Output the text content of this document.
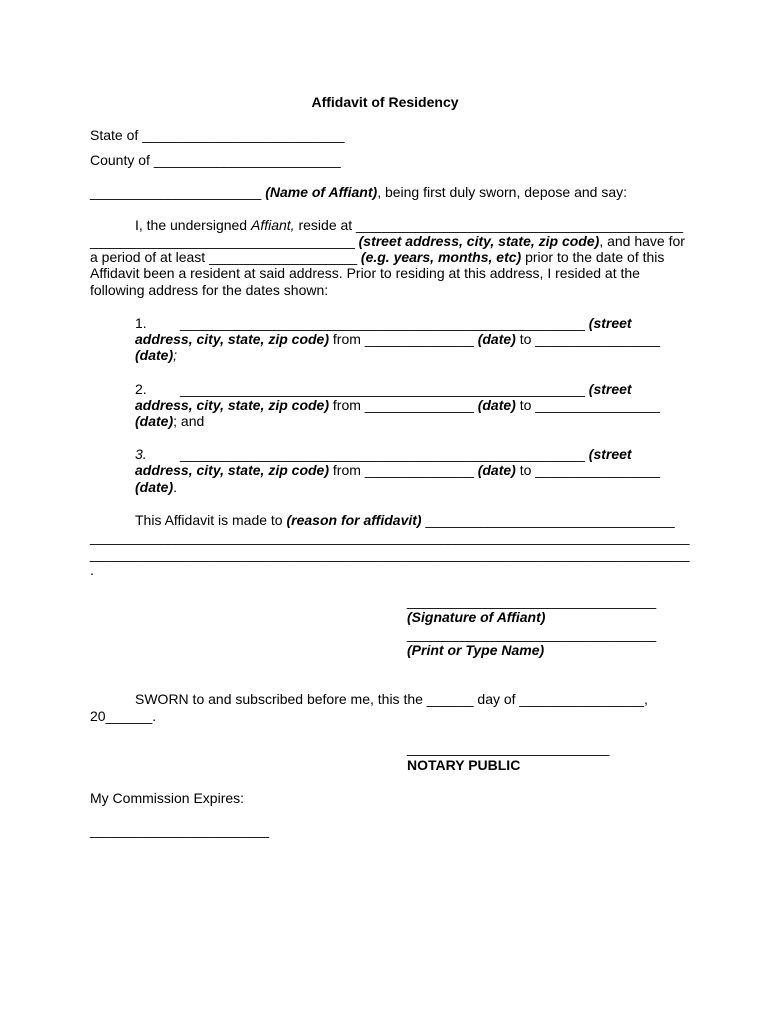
Affidavit of Residency
State of __________________________
County of ________________________
______________________ (Name of Affiant), being first duly sworn, depose and say:
I, the undersigned Affiant, reside at __________________________________________
__________________________________ (street address, city, state, zip code), and have for
a period of at least ___________________ (e.g. years, months, etc) prior to the date of this
Affidavit been a resident at said address. Prior to residing at this address, I resided at the
following address for the dates shown:
1. ____________________________________________________ (street
address, city, state, zip code) from ______________ (date) to ________________
(date);
2. ____________________________________________________ (street
address, city, state, zip code) from ______________ (date) to ________________
(date); and
3. ____________________________________________________ (street
address, city, state, zip code) from ______________ (date) to ________________
(date).
This Affidavit is made to (reason for affidavit) ________________________________
_____________________________________________________________________________
_____________________________________________________________________________
.
________________________________
(Signature of Affiant)
________________________________
(Print or Type Name)
SWORN to and subscribed before me, this the ______ day of ________________,
20______.
__________________________
NOTARY PUBLIC
My Commission Expires:
_______________________
